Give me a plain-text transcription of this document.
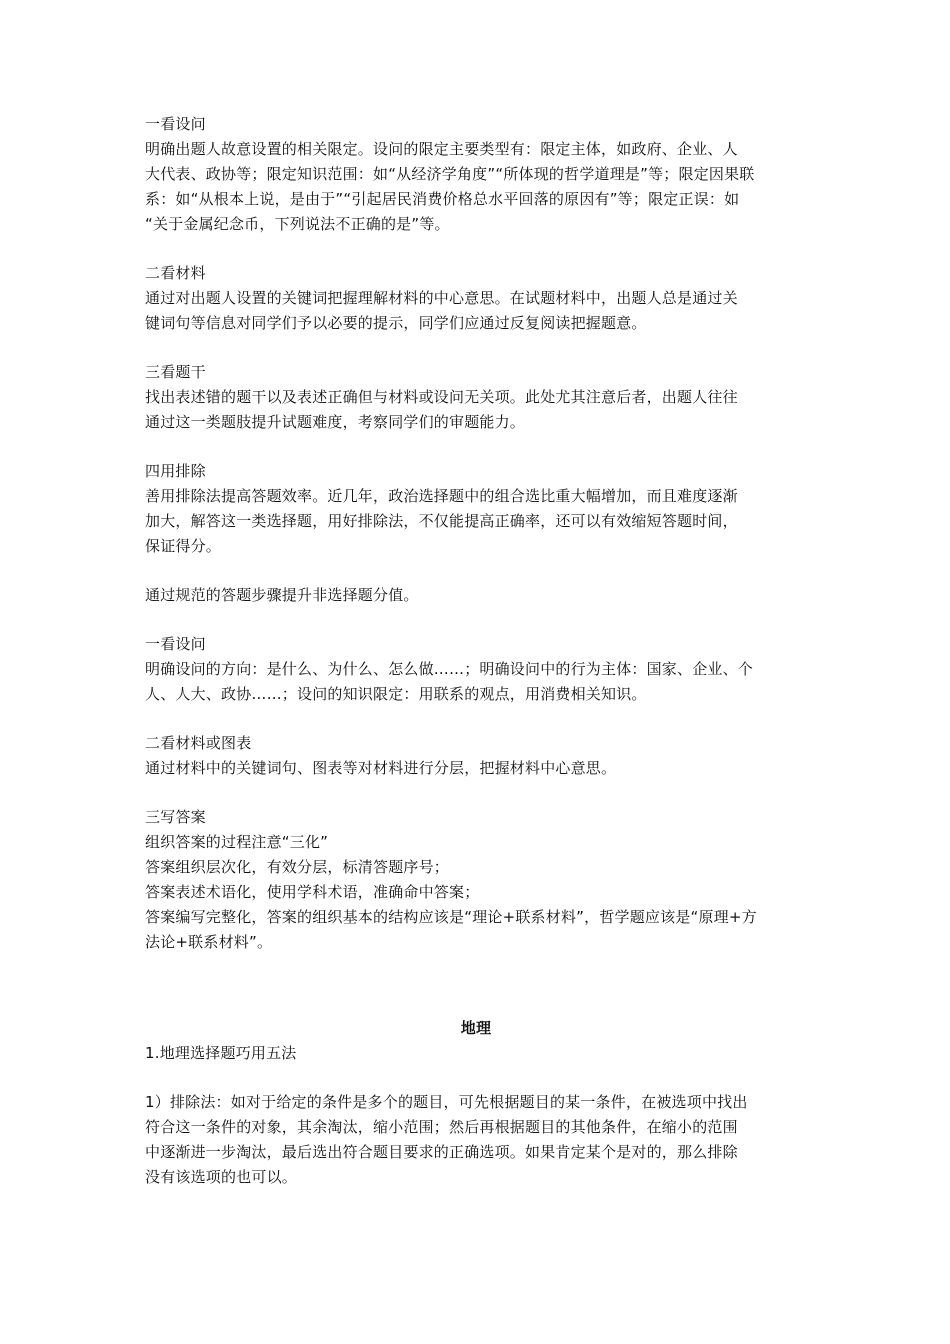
一看设问
明确出题人故意设置的相关限定。设问的限定主要类型有：限定主体，如政府、企业、人
大代表、政协等；限定知识范围：如“从经济学角度”“所体现的哲学道理是”等；限定因果联
系：如“从根本上说，是由于”“引起居民消费价格总水平回落的原因有”等；限定正误：如
“关于金属纪念币，下列说法不正确的是”等。
二看材料
通过对出题人设置的关键词把握理解材料的中心意思。在试题材料中，出题人总是通过关
键词句等信息对同学们予以必要的提示，同学们应通过反复阅读把握题意。
三看题干
找出表述错的题干以及表述正确但与材料或设问无关项。此处尤其注意后者，出题人往往
通过这一类题肢提升试题难度，考察同学们的审题能力。
四用排除
善用排除法提高答题效率。近几年，政治选择题中的组合选比重大幅增加，而且难度逐渐
加大，解答这一类选择题，用好排除法，不仅能提高正确率，还可以有效缩短答题时间，
保证得分。
通过规范的答题步骤提升非选择题分值。
一看设问
明确设问的方向：是什么、为什么、怎么做……；明确设问中的行为主体：国家、企业、个
人、人大、政协……；设问的知识限定：用联系的观点，用消费相关知识。
二看材料或图表
通过材料中的关键词句、图表等对材料进行分层，把握材料中心意思。
三写答案
组织答案的过程注意“三化”
答案组织层次化，有效分层，标清答题序号；
答案表述术语化，使用学科术语，准确命中答案；
答案编写完整化，答案的组织基本的结构应该是“理论+联系材料”，哲学题应该是“原理+方
法论+联系材料”。
地理
1.地理选择题巧用五法
1）排除法：如对于给定的条件是多个的题目，可先根据题目的某一条件，在被选项中找出
符合这一条件的对象，其余淘汰，缩小范围；然后再根据题目的其他条件，在缩小的范围
中逐渐进一步淘汰，最后选出符合题目要求的正确选项。如果肯定某个是对的，那么排除
没有该选项的也可以。
